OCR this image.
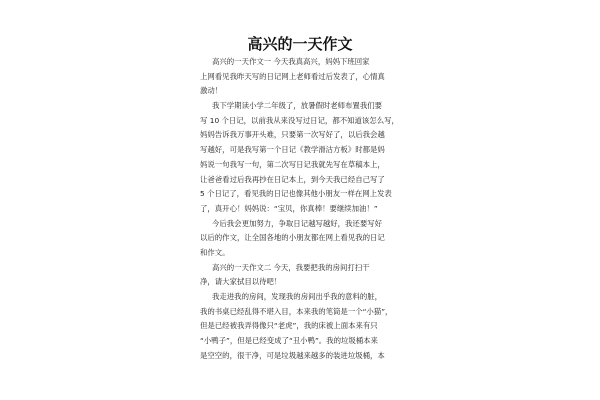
高兴的一天作文
高兴的一天作文一 今天我真高兴，妈妈下班回家
上网看见我昨天写的日记网上老师看过后发表了，心情真
激动！
我下学期读小学二年级了，放暑假时老师布置我们要
写 10 个日记，以前我从来没写过日记，都不知道该怎么写，
妈妈告诉我万事开头难，只要第一次写好了，以后我会越
写越好，可是我写第一个日记《教学滑沽方板》时都是妈
妈说一句我写一句，第二次写日记我就先写在草稿本上，
让爸爸看过后我再抄在日记本上，到今天我已经自己写了
5 个日记了，看见我的日记也像其他小朋友一样在网上发表
了，真开心！妈妈说：“宝贝，你真棒！要继续加油！”
今后我会更加努力，争取日记越写越好，我还要写好
以后的作文，让全国各地的小朋友都在网上看见我的日记
和作文。
高兴的一天作文二 今天，我要把我的房间打扫干
净，请大家拭目以待吧！
我走进我的房间，发现我的房间出乎我的意料的脏，
我的书桌已经乱得不堪入目，本来我的笔筒是一个“小猫”，
但是已经被我弄得像只“老虎”，我的床被上面本来有只
“小鸭子”，但是已经变成了“丑小鸭”。我的垃圾桶本来
是空空的，很干净，可是垃圾越来越多的装进垃圾桶，本
